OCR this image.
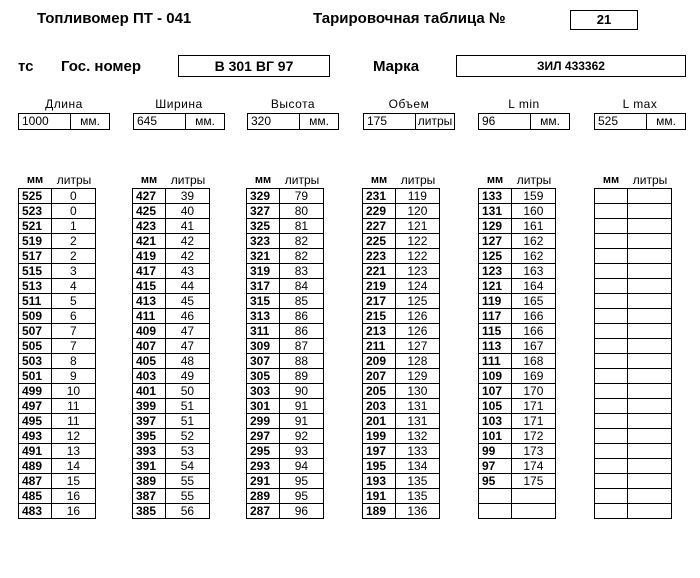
Топливомер ПТ - 041	Тарировочная таблица №	21
тс Гос. номер	В 301 ВГ 97	Марка	ЗИЛ 433362
Длина
1000	мм.
Ширина
645	мм.
Высота
320	мм.
Объем
175	литры
L min
96	мм.
L max
525	мм.
мм	литры
525	0
523	0
521	1
519	2
517	2
515	3
513	4
511	5
509	6
507	7
505	7
503	8
501	9
499	10
497	11
495	11
493	12
491	13
489	14
487	15
485	16
483	16
мм	литры
427	39
425	40
423	41
421	42
419	42
417	43
415	44
413	45
411	46
409	47
407	47
405	48
403	49
401	50
399	51
397	51
395	52
393	53
391	54
389	55
387	55
385	56
мм	литры
329	79
327	80
325	81
323	82
321	82
319	83
317	84
315	85
313	86
311	86
309	87
307	88
305	89
303	90
301	91
299	91
297	92
295	93
293	94
291	95
289	95
287	96
мм	литры
231	119
229	120
227	121
225	122
223	122
221	123
219	124
217	125
215	126
213	126
211	127
209	128
207	129
205	130
203	131
201	131
199	132
197	133
195	134
193	135
191	135
189	136
мм	литры
133	159
131	160
129	161
127	162
125	162
123	163
121	164
119	165
117	166
115	166
113	167
111	168
109	169
107	170
105	171
103	171
101	172
99	173
97	174
95	175

мм	литры
